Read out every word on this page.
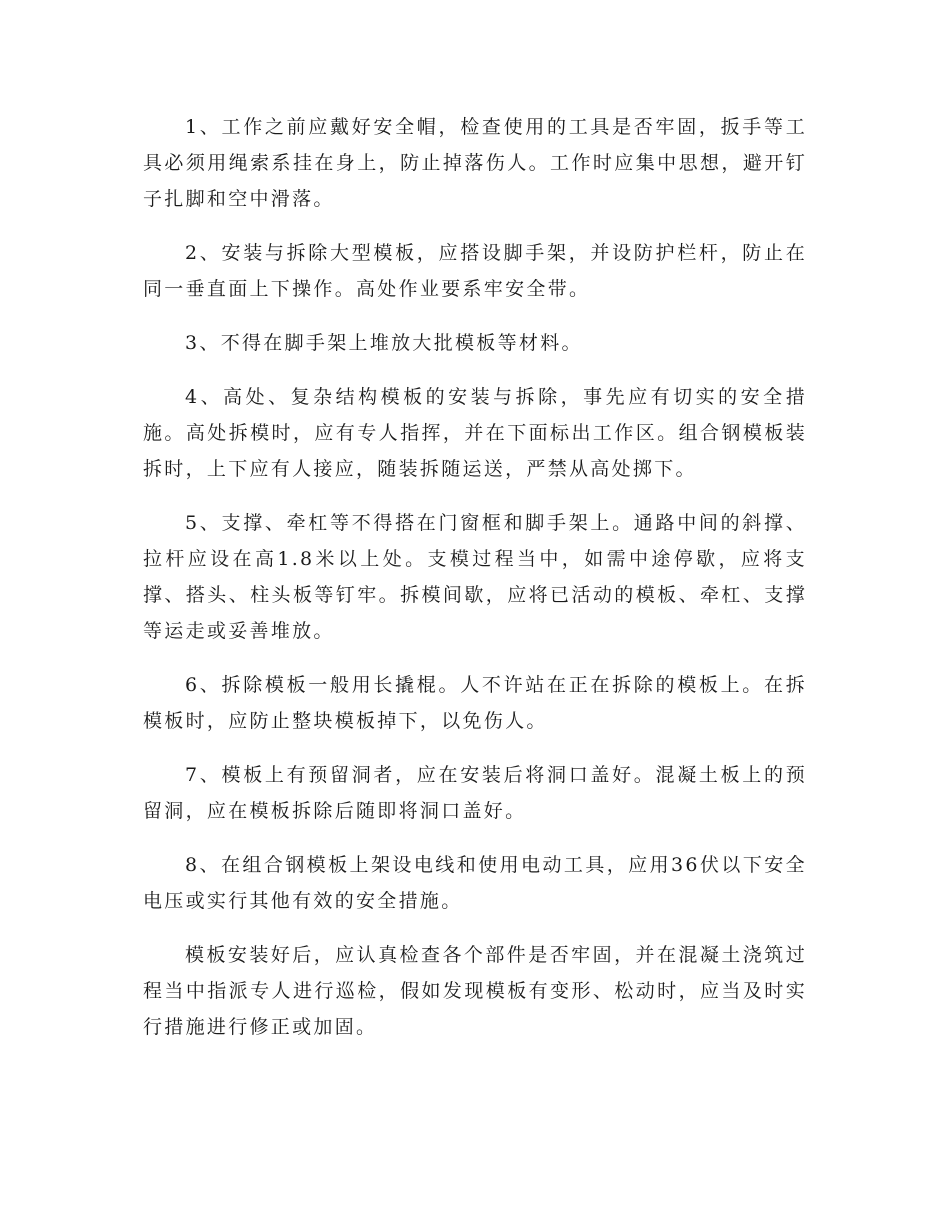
1、工作之前应戴好安全帽，检查使用的工具是否牢固，扳手等工具必须用绳索系挂在身上，防止掉落伤人。工作时应集中思想，避开钉子扎脚和空中滑落。

2、安装与拆除大型模板，应搭设脚手架，并设防护栏杆，防止在同一垂直面上下操作。高处作业要系牢安全带。

3、不得在脚手架上堆放大批模板等材料。

4、高处、复杂结构模板的安装与拆除，事先应有切实的安全措施。高处拆模时，应有专人指挥，并在下面标出工作区。组合钢模板装拆时，上下应有人接应，随装拆随运送，严禁从高处掷下。

5、支撑、牵杠等不得搭在门窗框和脚手架上。通路中间的斜撑、拉杆应设在高1.8米以上处。支模过程当中，如需中途停歇，应将支撑、搭头、柱头板等钉牢。拆模间歇，应将已活动的模板、牵杠、支撑等运走或妥善堆放。

6、拆除模板一般用长撬棍。人不许站在正在拆除的模板上。在拆模板时，应防止整块模板掉下，以免伤人。

7、模板上有预留洞者，应在安装后将洞口盖好。混凝土板上的预留洞，应在模板拆除后随即将洞口盖好。

8、在组合钢模板上架设电线和使用电动工具，应用36伏以下安全电压或实行其他有效的安全措施。

模板安装好后，应认真检查各个部件是否牢固，并在混凝土浇筑过程当中指派专人进行巡检，假如发现模板有变形、松动时，应当及时实行措施进行修正或加固。
